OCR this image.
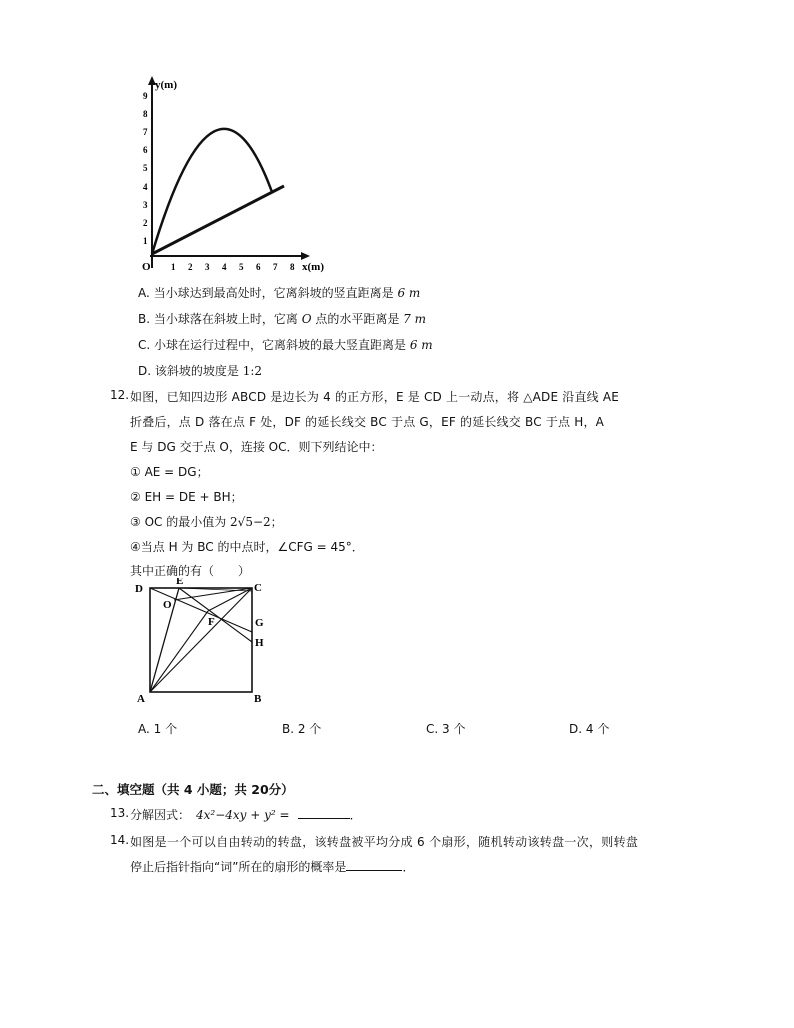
y(m)
x(m)
O
1
2
3
4
5
6
7
8
9
1 2 3 4 5 6 7 8
A. 当小球达到最高处时，它离斜坡的竖直距离是 6 m
B. 当小球落在斜坡上时，它离 O 点的水平距离是 7 m
C. 小球在运行过程中，它离斜坡的最大竖直距离是 6 m
D. 该斜坡的坡度是 1:2
12. 如图，已知四边形 ABCD 是边长为 4 的正方形，E 是 CD 上一动点，将 △ADE 沿直线 AE
折叠后，点 D 落在点 F 处，DF 的延长线交 BC 于点 G，EF 的延长线交 BC 于点 H，A
E 与 DG 交于点 O，连接 OC．则下列结论中：
① AE = DG；
② EH = DE + BH；
③ OC 的最小值为 2√5−2；
④当点 H 为 BC 的中点时，∠CFG = 45°．
其中正确的有（　　）
D
E
C
O
F	G
H
A	B
A. 1 个	B. 2 个	C. 3 个	D. 4 个
二、填空题（共 4 小题；共 20分）
13. 分解因式： 4x²−4xy + y² =	．
14. 如图是一个可以自由转动的转盘，该转盘被平均分成 6 个扇形，随机转动该转盘一次，则转盘
停止后指针指向“词”所在的扇形的概率是	．
